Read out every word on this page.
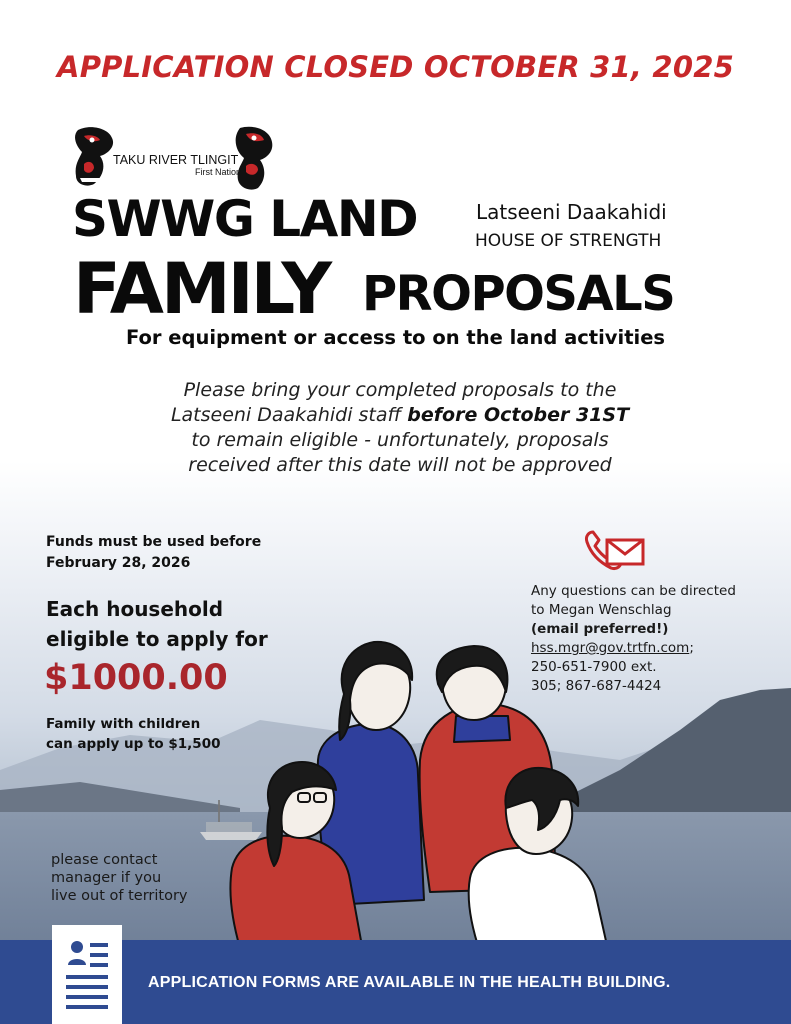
APPLICATION CLOSED OCTOBER 31, 2025
TAKU RIVER TLINGIT
First Nation
SWWG LAND	Latseeni Daakahidi
HOUSE OF STRENGTH
FAMILY PROPOSALS
For equipment or access to on the land activities
Please bring your completed proposals to the
Latseeni Daakahidi staff before October 31ST
to remain eligible - unfortunately, proposals
received after this date will not be approved
Funds must be used before
February 28, 2026
Each household
eligible to apply for
$1000.00
Family with children
can apply up to $1,500
Any questions can be directed
to Megan Wenschlag
(email preferred!)
hss.mgr@gov.trtfn.com;
250-651-7900 ext.
305; 867-687-4424
please contact
manager if you
live out of territory
APPLICATION FORMS ARE AVAILABLE IN THE HEALTH BUILDING.
